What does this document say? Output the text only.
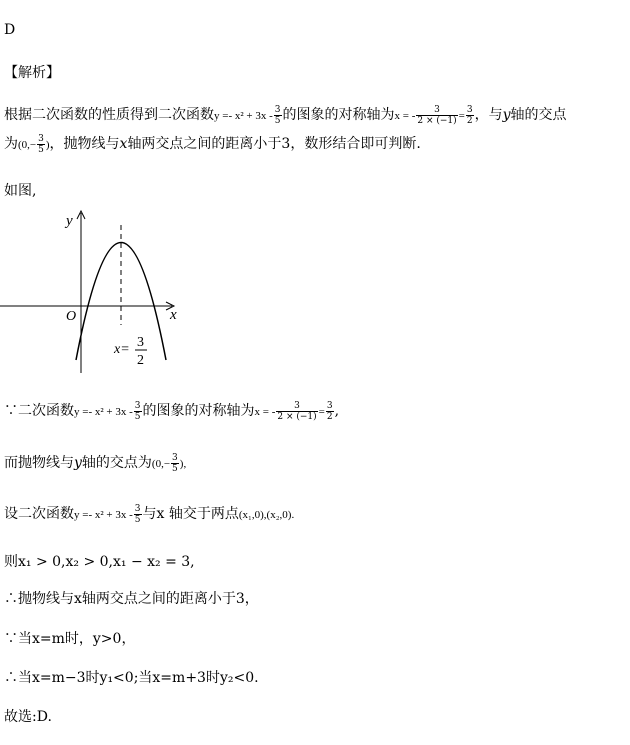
D
【解析】
根据二次函数的性质得到二次函数$y =- x^2 + 3x - \frac{3}{5}$ 的图象的对称轴为x = - $\frac{3}{2 \times (-1)} = \frac{3}{2}$ ，与y轴的交点
为($0,- \frac{3}{5}$ )，抛物线与x轴两交点之间的距离小于3，数形结合即可判断.
如图,
y
x
O
x= 3
2
∵二次函数$y =- x^2 + 3x - \frac{3}{5}$ 的图象的对称轴为x = - $\frac{3}{2 \times (-1)} = \frac{3}{2}$ ,
而抛物线与y轴的交点为($0,- \frac{3}{5}$ ),
设二次函数$y =- x^2 + 3x - \frac{3}{5}$ 与x 轴交于两点(x₁,0),(x₂,0).
则x₁ > 0,x₂ > 0,x₁ − x₂ = 3,
∴抛物线与x轴两交点之间的距离小于3，
∵当x=m时，y>0，
∴当x=m−3时y₁<0;当x=m+3时y₂<0.
故选:D.
